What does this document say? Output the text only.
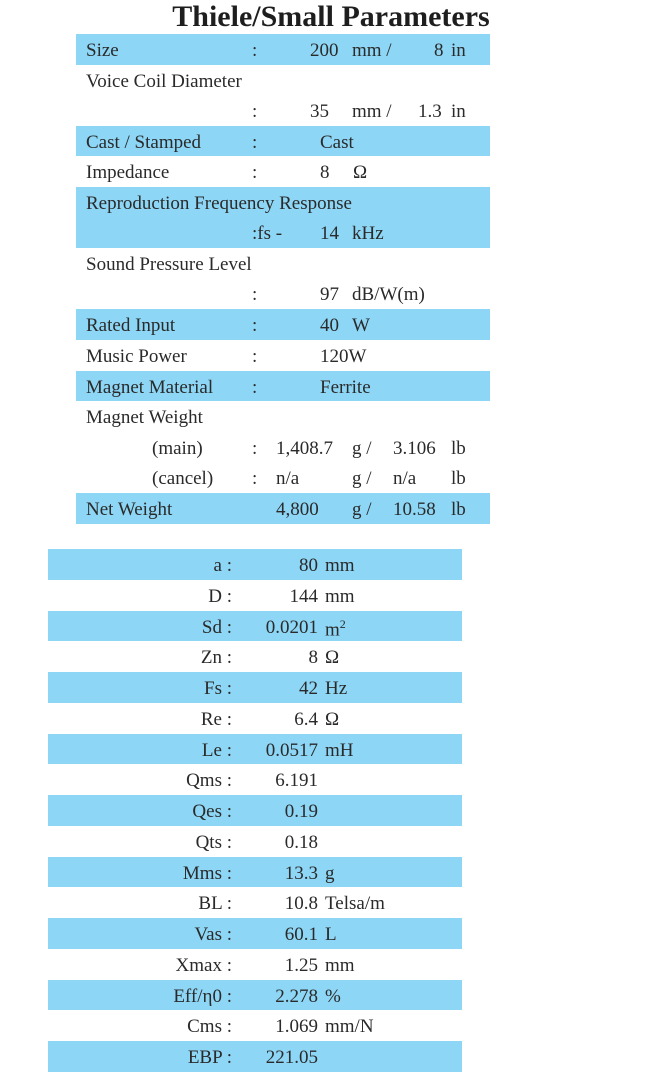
Thiele/Small Parameters
Size	:	200 mm / 8 in
Voice Coil Diameter
:	35 mm / 1.3 in
Cast / Stamped	:	Cast
Impedance	:	8 Ω
Reproduction Frequency Response
:fs - 14 kHz
Sound Pressure Level
:	97 dB/W(m)
Rated Input	:	40 W
Music Power	:	120W
Magnet Material :	Ferrite
Magnet Weight
(main)	: 1,408.7 g / 3.106 lb
(cancel) : n/a	g / n/a lb
Net Weight	4,800 g / 10.58 lb
a :	80 mm
D :	144 mm
Sd : 0.0201 $m^2$
Zn :	8 Ω
Fs :	42 Hz
Re :	6.4 Ω
Le : 0.0517 mH
Qms : 6.191
Qes :	0.19
Qts :	0.18
Mms :	13.3 g
BL :	10.8 Telsa/m
Vas :	60.1 L
Xmax :	1.25 mm
Eff/η0 : 2.278 %
Cms : 1.069 mm/N
EBP : 221.05
